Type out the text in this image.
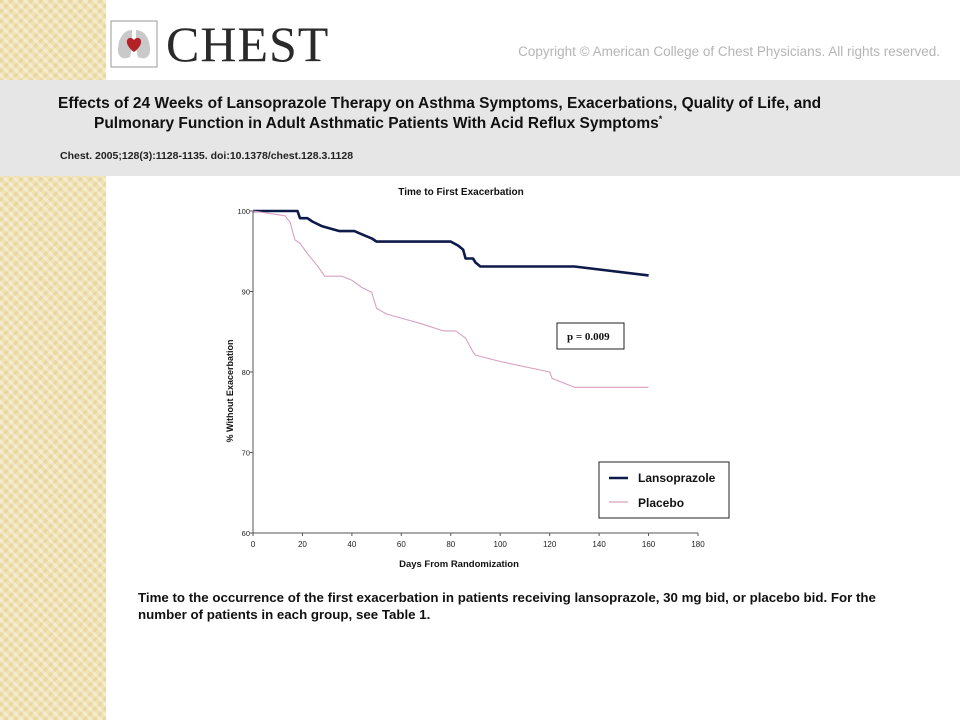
CHEST	Copyright © American College of Chest Physicians. All rights reserved.
Effects of 24 Weeks of Lansoprazole Therapy on Asthma Symptoms, Exacerbations, Quality of Life, and
Pulmonary Function in Adult Asthmatic Patients With Acid Reflux Symptoms*
Chest. 2005;128(3):1128-1135. doi:10.1378/chest.128.3.1128
Time to First Exacerbation
60
70
80
90
100
0	20	40	60	80	100	120	140	160	180
p = 0.009
Lansoprazole
Placebo
Days From Randomization
% Without Exacerbation
Time to the occurrence of the first exacerbation in patients receiving lansoprazole, 30 mg bid, or placebo bid. For the number of patients in each group, see Table 1.
